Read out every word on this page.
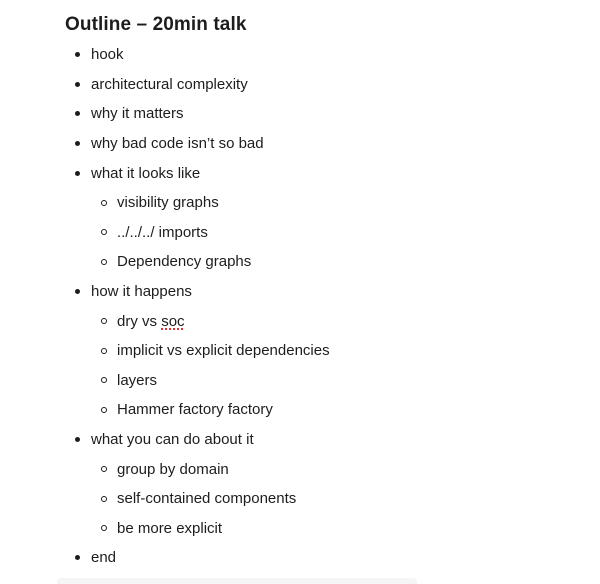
Outline – 20min talk
hook
architectural complexity
why it matters
why bad code isn’t so bad
what it looks like
visibility graphs
../../../ imports
Dependency graphs
how it happens
dry vs soc
implicit vs explicit dependencies
layers
Hammer factory factory
what you can do about it
group by domain
self-contained components
be more explicit
end
